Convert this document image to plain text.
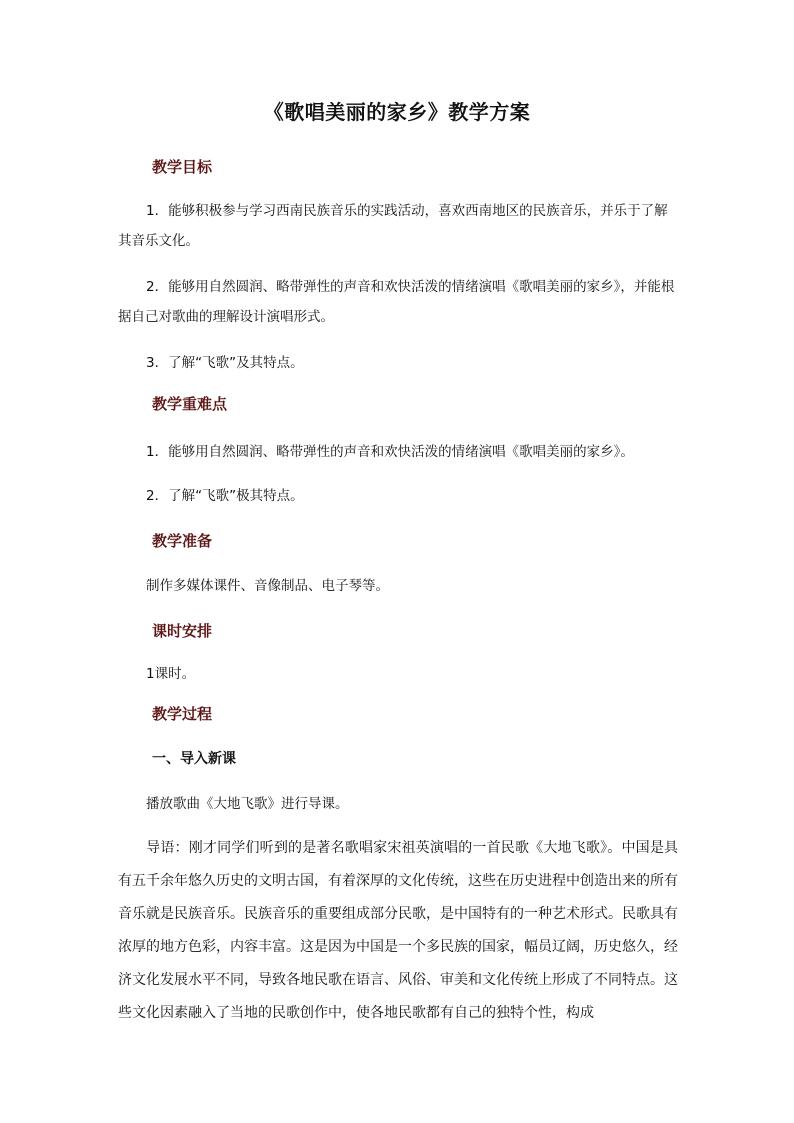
《歌唱美丽的家乡》教学方案
教学目标
1．能够积极参与学习西南民族音乐的实践活动，喜欢西南地区的民族音乐，并乐于了解其音乐文化。
2．能够用自然圆润、略带弹性的声音和欢快活泼的情绪演唱《歌唱美丽的家乡》，并能根据自己对歌曲的理解设计演唱形式。
3．了解“飞歌”及其特点。
教学重难点
1．能够用自然圆润、略带弹性的声音和欢快活泼的情绪演唱《歌唱美丽的家乡》。
2．了解“飞歌”极其特点。
教学准备
制作多媒体课件、音像制品、电子琴等。
课时安排
1课时。
教学过程
一、导入新课
播放歌曲《大地飞歌》进行导课。
导语：刚才同学们听到的是著名歌唱家宋祖英演唱的一首民歌《大地飞歌》。中国是具有五千余年悠久历史的文明古国，有着深厚的文化传统，这些在历史进程中创造出来的所有音乐就是民族音乐。民族音乐的重要组成部分民歌，是中国特有的一种艺术形式。民歌具有浓厚的地方色彩，内容丰富。这是因为中国是一个多民族的国家，幅员辽阔，历史悠久，经济文化发展水平不同，导致各地民歌在语言、风俗、审美和文化传统上形成了不同特点。这些文化因素融入了当地的民歌创作中，使各地民歌都有自己的独特个性，构成
